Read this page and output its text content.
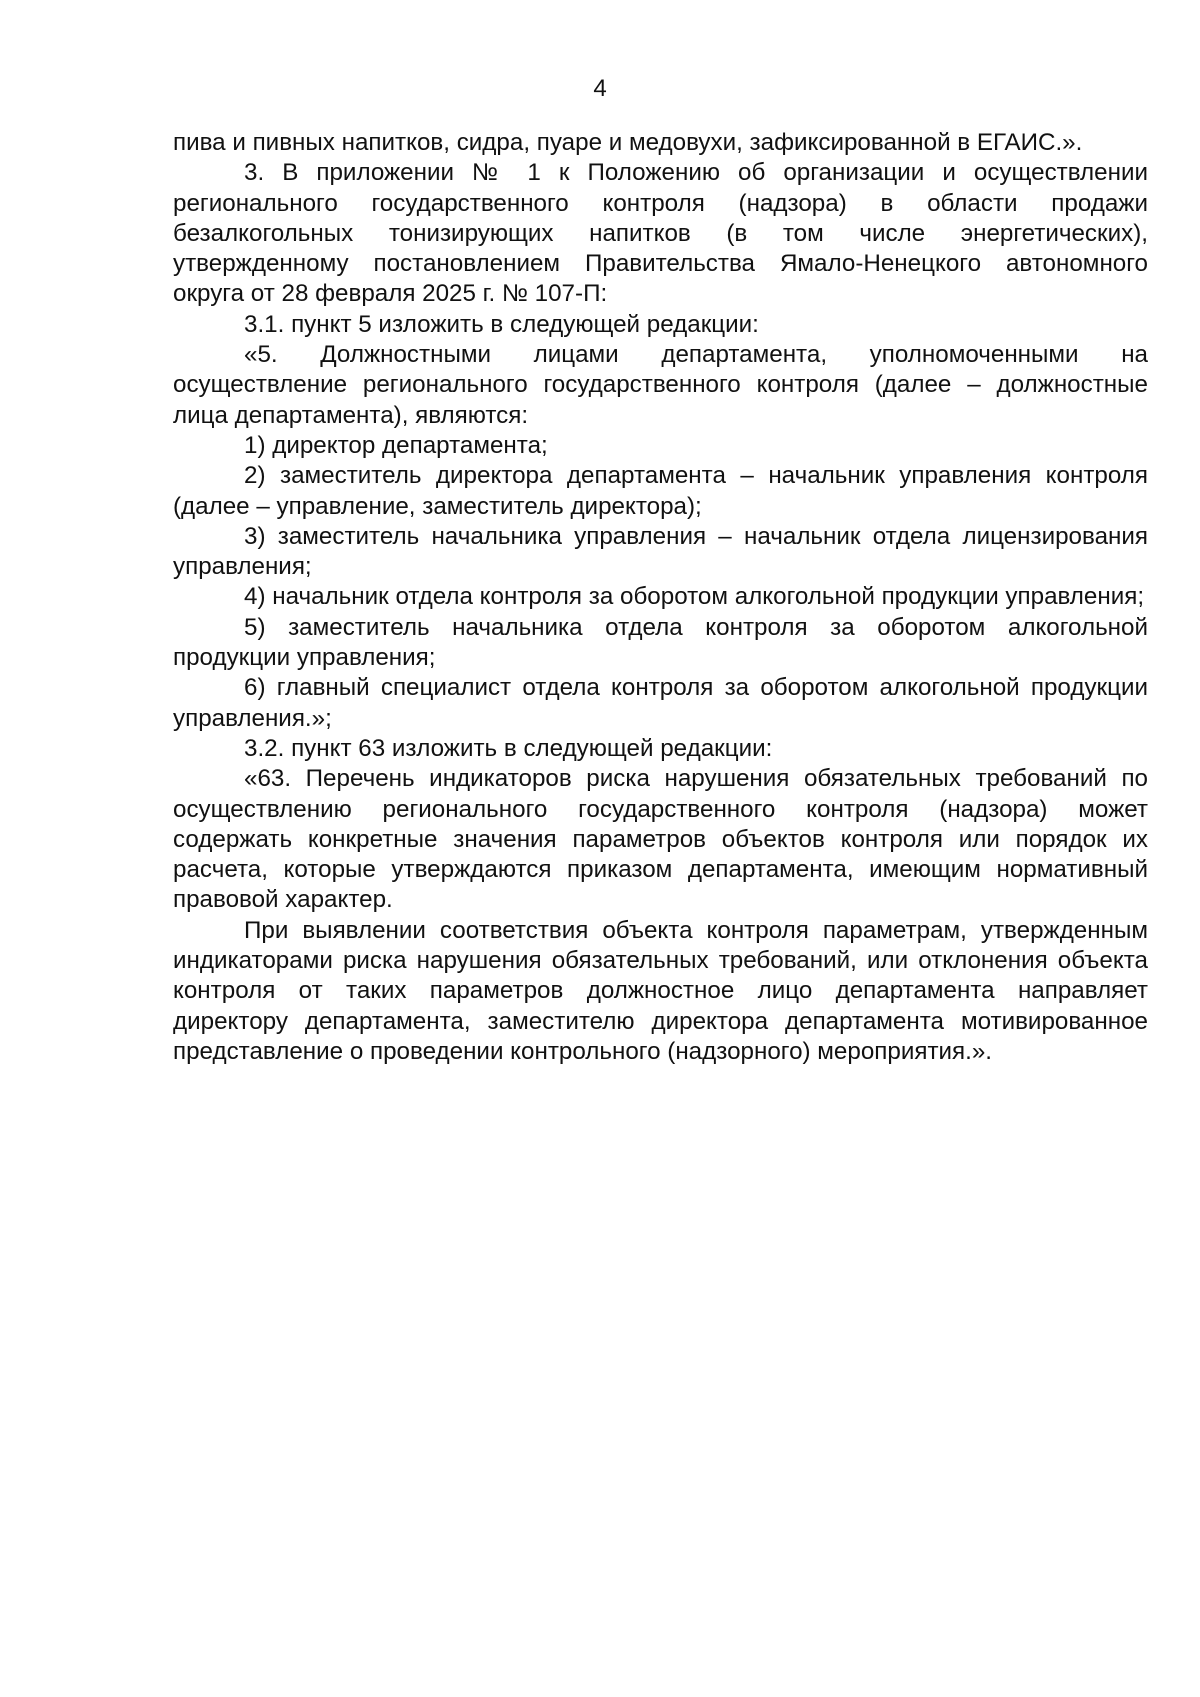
4

пива и пивных напитков, сидра, пуаре и медовухи, зафиксированной в ЕГАИС.».

3. В приложении № 1 к Положению об организации и осуществлении регионального государственного контроля (надзора) в области продажи безалкогольных тонизирующих напитков (в том числе энергетических), утвержденному постановлением Правительства Ямало-Ненецкого автономного округа от 28 февраля 2025 г. № 107-П:

3.1. пункт 5 изложить в следующей редакции:

«5. Должностными лицами департамента, уполномоченными на осуществление регионального государственного контроля (далее – должностные лица департамента), являются:

1) директор департамента;

2) заместитель директора департамента – начальник управления контроля (далее – управление, заместитель директора);

3) заместитель начальника управления – начальник отдела лицензирования управления;

4) начальник отдела контроля за оборотом алкогольной продукции управления;

5) заместитель начальника отдела контроля за оборотом алкогольной продукции управления;

6) главный специалист отдела контроля за оборотом алкогольной продукции управления.»;

3.2. пункт 63 изложить в следующей редакции:

«63. Перечень индикаторов риска нарушения обязательных требований по осуществлению регионального государственного контроля (надзора) может содержать конкретные значения параметров объектов контроля или порядок их расчета, которые утверждаются приказом департамента, имеющим нормативный правовой характер.

При выявлении соответствия объекта контроля параметрам, утвержденным индикаторами риска нарушения обязательных требований, или отклонения объекта контроля от таких параметров должностное лицо департамента направляет директору департамента, заместителю директора департамента мотивированное представление о проведении контрольного (надзорного) мероприятия.».
